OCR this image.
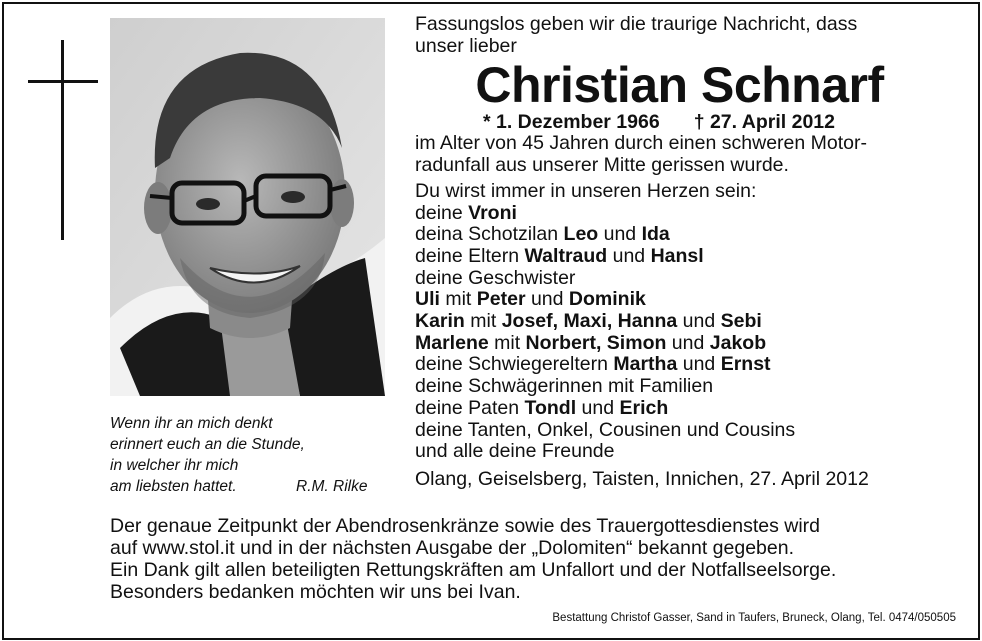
Wenn ihr an mich denkt
erinnert euch an die Stunde,
in welcher ihr mich
am liebsten hattet.	R.M. Rilke
Fassungslos geben wir die traurige Nachricht, dass
unser lieber
Christian Schnarf
* 1. Dezember 1966 † 27. April 2012
im Alter von 45 Jahren durch einen schweren Motor-
radunfall aus unserer Mitte gerissen wurde.
Du wirst immer in unseren Herzen sein:
deine Vroni
deina Schotzilan Leo und Ida
deine Eltern Waltraud und Hansl
deine Geschwister
Uli mit Peter und Dominik
Karin mit Josef, Maxi, Hanna und Sebi
Marlene mit Norbert, Simon und Jakob
deine Schwiegereltern Martha und Ernst
deine Schwägerinnen mit Familien
deine Paten Tondl und Erich
deine Tanten, Onkel, Cousinen und Cousins
und alle deine Freunde
Olang, Geiselsberg, Taisten, Innichen, 27. April 2012
Der genaue Zeitpunkt der Abendrosenkränze sowie des Trauergottesdienstes wird
auf www.stol.it und in der nächsten Ausgabe der „Dolomiten“ bekannt gegeben.
Ein Dank gilt allen beteiligten Rettungskräften am Unfallort und der Notfallseelsorge.
Besonders bedanken möchten wir uns bei Ivan.
Bestattung Christof Gasser, Sand in Taufers, Bruneck, Olang, Tel. 0474/050505
